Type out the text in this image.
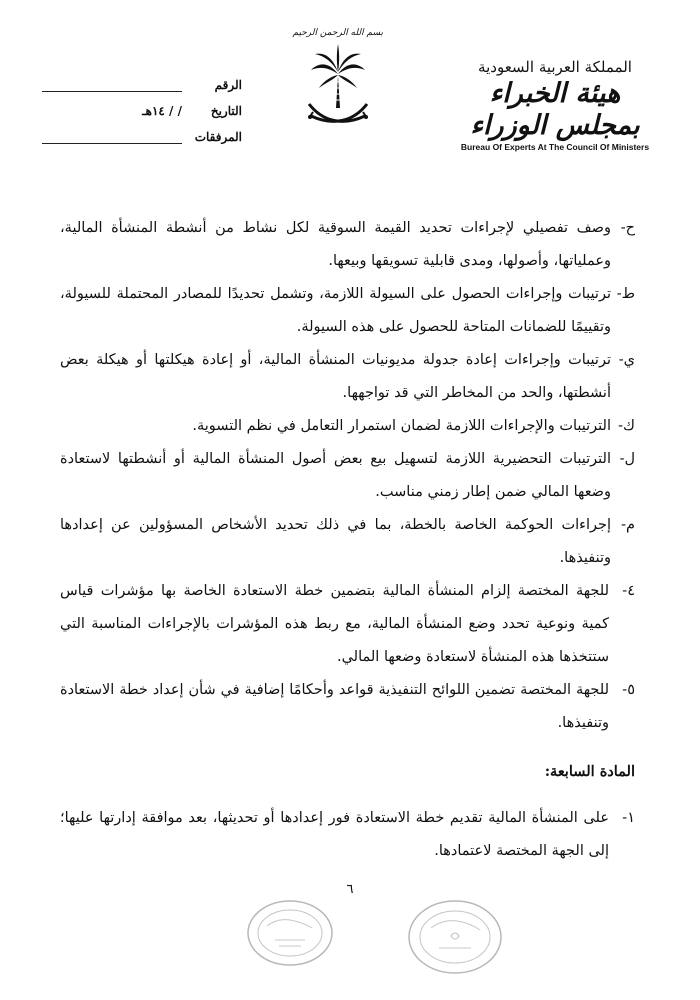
المملكة العربية السعودية
هيئة الخبراء بمجلس الوزراء
Bureau Of Experts At The Council Of Ministers
بسم الله الرحمن الرحيم
الرقم
التاريخ
/ / ١٤هـ
المرفقات

ح-
وصف تفصيلي لإجراءات تحديد القيمة السوقية لكل نشاط من أنشطة المنشأة المالية، وعملياتها، وأصولها، ومدى قابلية تسويقها وبيعها.

ط-
ترتيبات وإجراءات الحصول على السيولة اللازمة، وتشمل تحديدًا للمصادر المحتملة للسيولة، وتقييمًا للضمانات المتاحة للحصول على هذه السيولة.

ي-
ترتيبات وإجراءات إعادة جدولة مديونيات المنشأة المالية، أو إعادة هيكلتها أو هيكلة بعض أنشطتها، والحد من المخاطر التي قد تواجهها.

ك-
الترتيبات والإجراءات اللازمة لضمان استمرار التعامل في نظم التسوية.

ل-
الترتيبات التحضيرية اللازمة لتسهيل بيع بعض أصول المنشأة المالية أو أنشطتها لاستعادة وضعها المالي ضمن إطار زمني مناسب.

م-
إجراءات الحوكمة الخاصة بالخطة، بما في ذلك تحديد الأشخاص المسؤولين عن إعدادها وتنفيذها.

٤-
للجهة المختصة إلزام المنشأة المالية بتضمين خطة الاستعادة الخاصة بها مؤشرات قياس كمية ونوعية تحدد وضع المنشأة المالية، مع ربط هذه المؤشرات بالإجراءات المناسبة التي ستتخذها هذه المنشأة لاستعادة وضعها المالي.

٥-
للجهة المختصة تضمين اللوائح التنفيذية قواعد وأحكامًا إضافية في شأن إعداد خطة الاستعادة وتنفيذها.

المادة السابعة:

١-
على المنشأة المالية تقديم خطة الاستعادة فور إعدادها أو تحديثها، بعد موافقة إدارتها عليها؛ إلى الجهة المختصة لاعتمادها.

٦
